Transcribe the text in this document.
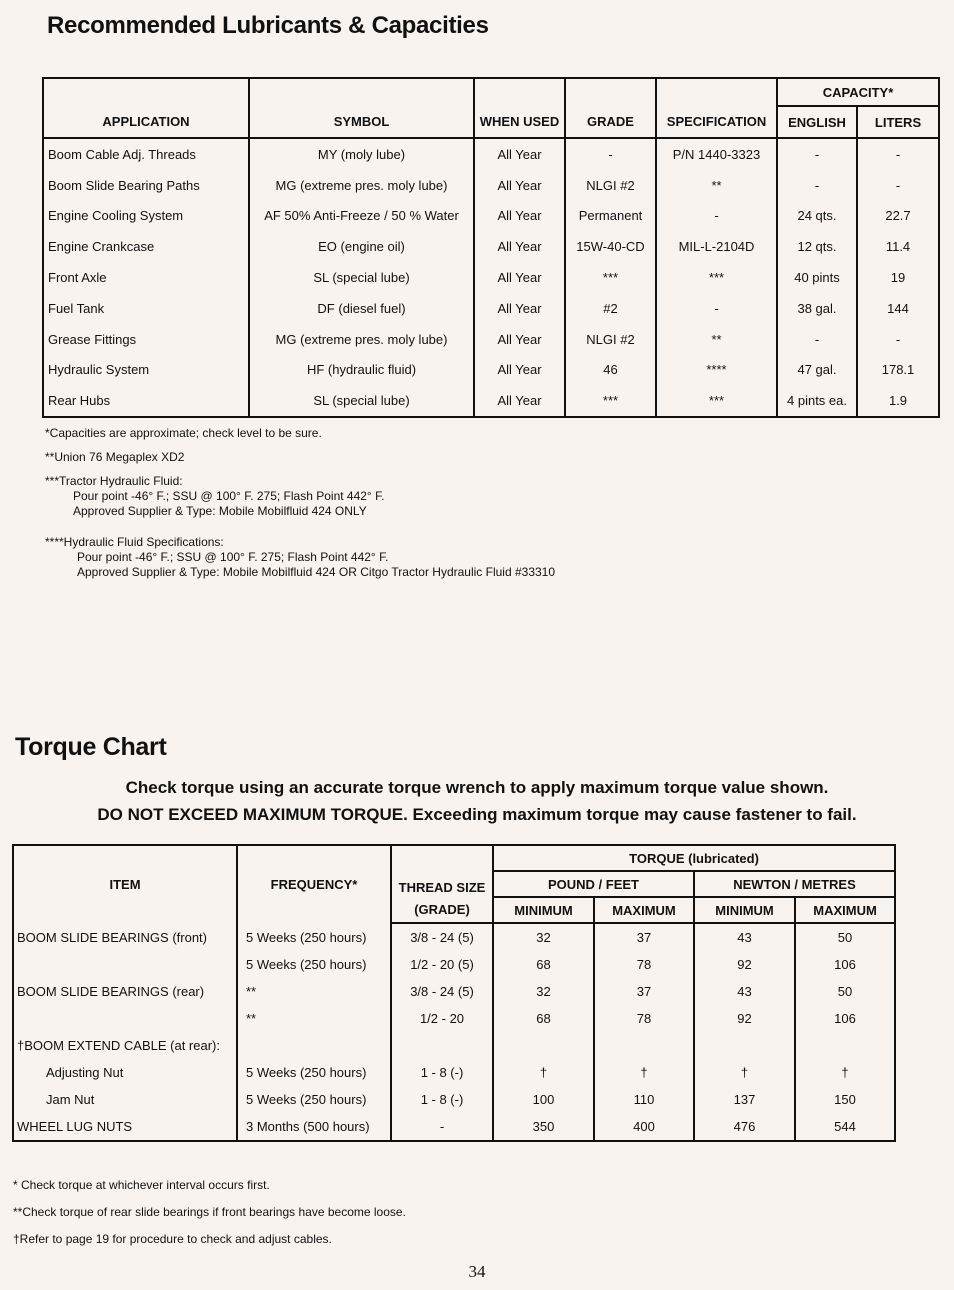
Recommended Lubricants & Capacities
APPLICATION	SYMBOL	WHEN USED	GRADE	SPECIFICATION	CAPACITY*	
					ENGLISH	LITERS
Boom Cable Adj. Threads	MY (moly lube)	All Year	-	P/N 1440-3323	-	-
Boom Slide Bearing Paths	MG (extreme pres. moly lube)	All Year	NLGI #2	**	-	-
Engine Cooling System	AF 50% Anti-Freeze / 50 % Water	All Year	Permanent	-	24 qts.	22.7
Engine Crankcase	EO (engine oil)	All Year	15W-40-CD	MIL-L-2104D	12 qts.	11.4
Front Axle	SL (special lube)	All Year	***	***	40 pints	19
Fuel Tank	DF (diesel fuel)	All Year	#2	-	38 gal.	144
Grease Fittings	MG (extreme pres. moly lube)	All Year	NLGI #2	**	-	-
Hydraulic System	HF (hydraulic fluid)	All Year	46	****	47 gal.	178.1
Rear Hubs	SL (special lube)	All Year	***	***	4 pints ea.	1.9
*Capacities are approximate; check level to be sure.
**Union 76 Megaplex XD2
***Tractor Hydraulic Fluid:
Pour point -46° F.; SSU @ 100° F. 275; Flash Point 442° F.
Approved Supplier & Type: Mobile Mobilfluid 424 ONLY
****Hydraulic Fluid Specifications:
Pour point -46° F.; SSU @ 100° F. 275; Flash Point 442° F.
Approved Supplier & Type: Mobile Mobilfluid 424 OR Citgo Tractor Hydraulic Fluid #33310
Torque Chart
Check torque using an accurate torque wrench to apply maximum torque value shown.
DO NOT EXCEED MAXIMUM TORQUE. Exceeding maximum torque may cause fastener to fail.
ITEM	FREQUENCY*	THREAD SIZE	TORQUE (lubricated)			
			POUND / FEET		NEWTON / METRES	
		(GRADE)	MINIMUM	MAXIMUM	MINIMUM	MAXIMUM
BOOM SLIDE BEARINGS (front)	5 Weeks (250 hours)	3/8 - 24 (5)	32	37	43	50
	5 Weeks (250 hours)	1/2 - 20 (5)	68	78	92	106
BOOM SLIDE BEARINGS (rear)	**	3/8 - 24 (5)	32	37	43	50
	**	1/2 - 20	68	78	92	106
†BOOM EXTEND CABLE (at rear):						
Adjusting Nut	5 Weeks (250 hours)	1 - 8 (-)	†	†	†	†
Jam Nut	5 Weeks (250 hours)	1 - 8 (-)	100	110	137	150
WHEEL LUG NUTS	3 Months (500 hours)	-	350	400	476	544
* Check torque at whichever interval occurs first.
**Check torque of rear slide bearings if front bearings have become loose.
†Refer to page 19 for procedure to check and adjust cables.
34
